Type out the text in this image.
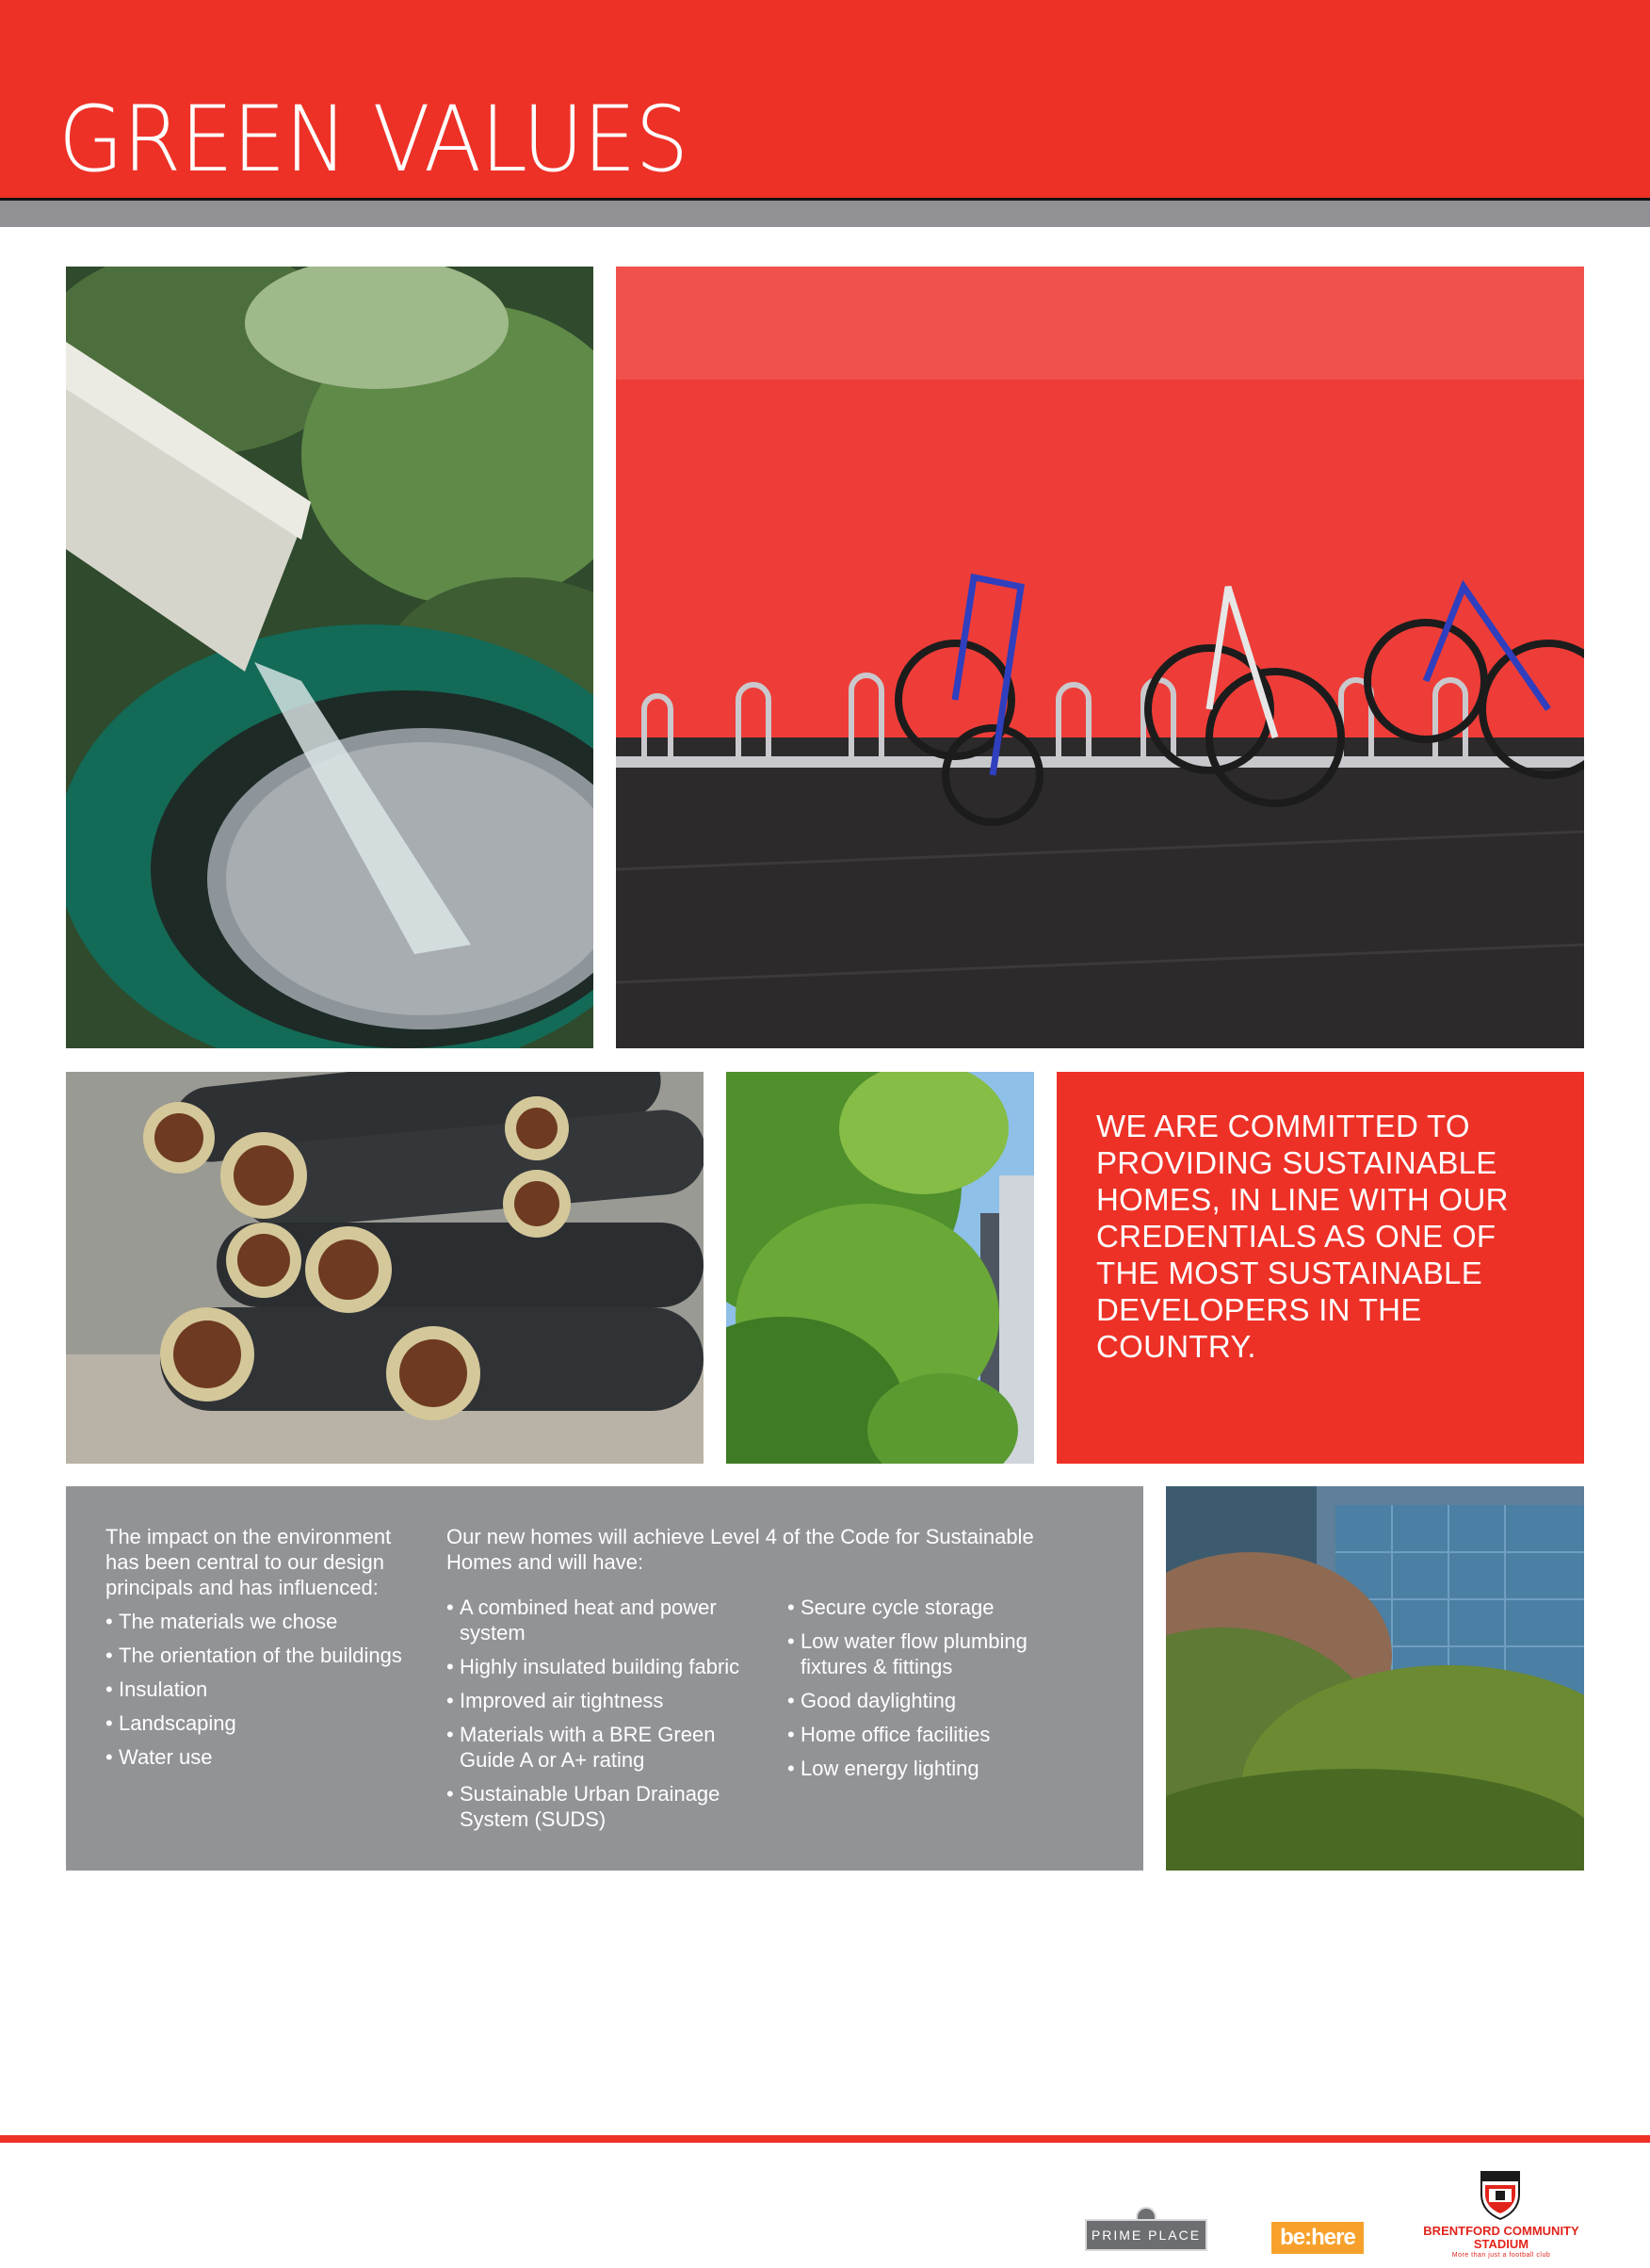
GREEN VALUES

WE ARE COMMITTED TO PROVIDING SUSTAINABLE HOMES, IN LINE WITH OUR CREDENTIALS AS ONE OF THE MOST SUSTAINABLE DEVELOPERS IN THE COUNTRY.

The impact on the environment has been central to our design principals and has influenced:

• The materials we chose
• The orientation of the buildings
• Insulation
• Landscaping
• Water use

Our new homes will achieve Level 4 of the Code for Sustainable Homes and will have:

• A combined heat and power system
• Highly insulated building fabric
• Improved air tightness
• Materials with a BRE Green Guide A or A+ rating
• Sustainable Urban Drainage System (SUDS)
• Secure cycle storage
• Low water flow plumbing fixtures & fittings
• Good daylighting
• Home office facilities
• Low energy lighting
PRIME PLACE	be:here	BRENTFORD COMMUNITY STADIUM
More than just a football club
